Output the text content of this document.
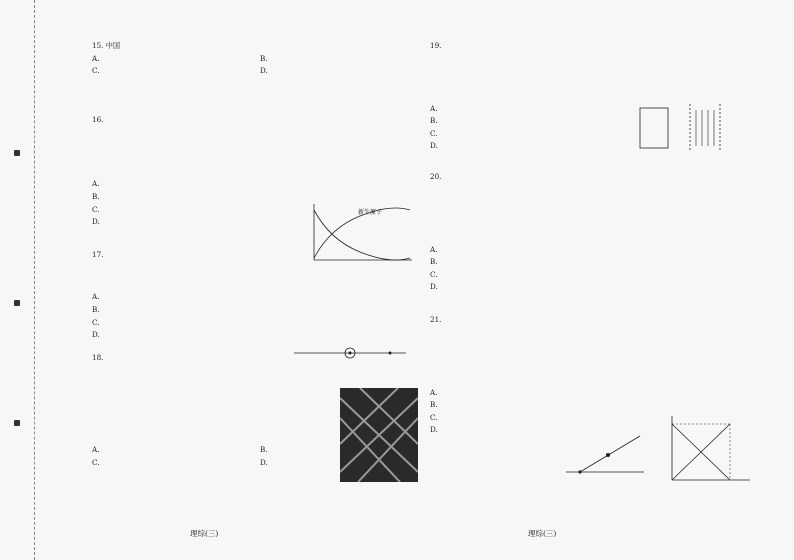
15. 中国
A.	B.
C.	D.
16.
A.
B.
C.
D.
17.
A.
B.
C.
D.
18.
A.	B.
C.	D.
新生原子
19.
A.
B.
C.
D.
20.
A.
B.
C.
D.
21.
A.
B.
C.
D.
理综(三)	理综(三)
